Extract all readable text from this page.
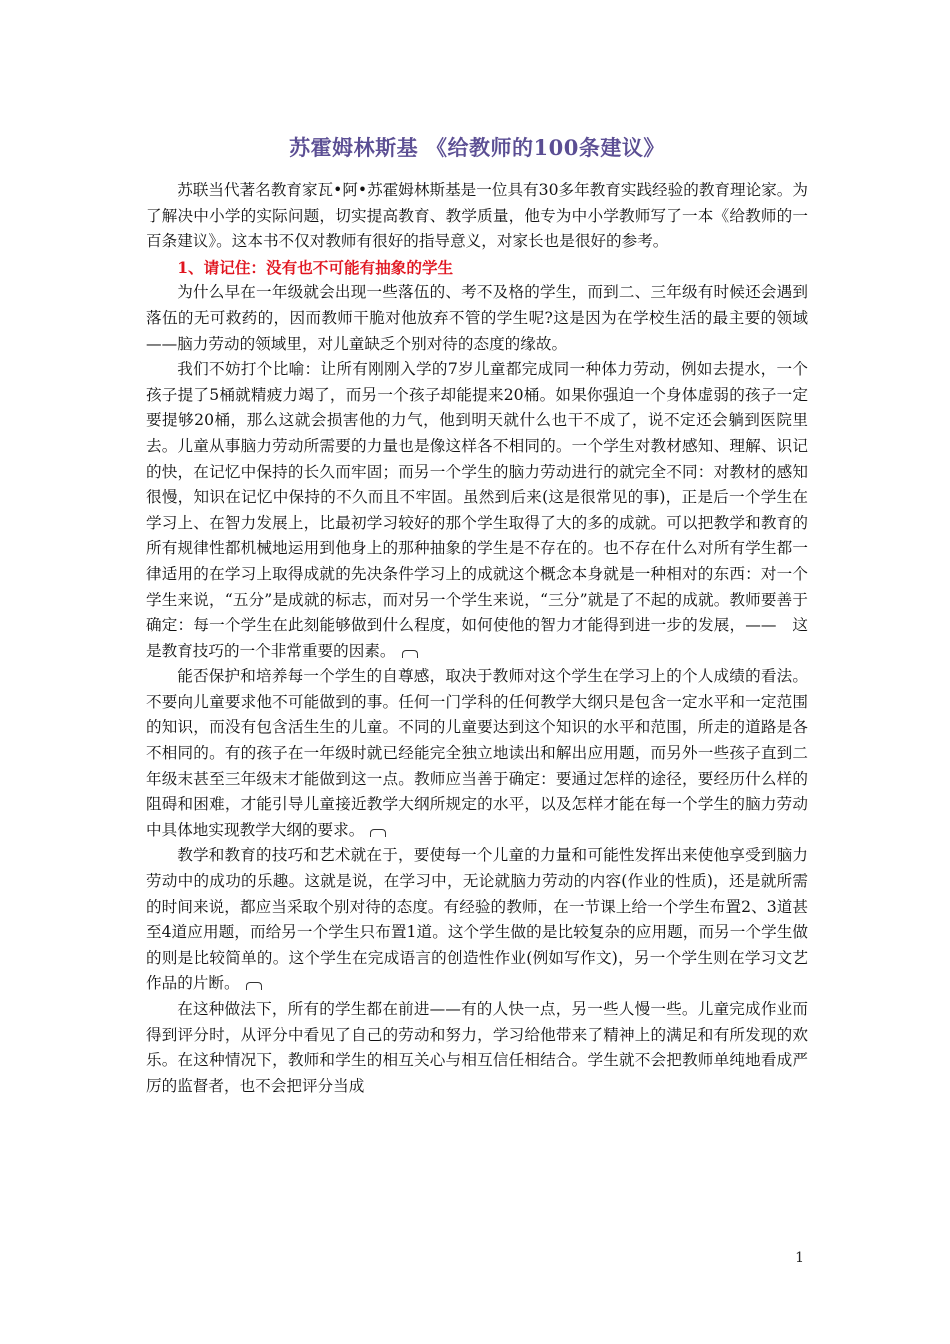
苏霍姆林斯基 《给教师的100条建议》

苏联当代著名教育家瓦•阿•苏霍姆林斯基是一位具有30多年教育实践经验的教育理论家。为了解决中小学的实际问题，切实提高教育、教学质量，他专为中小学教师写了一本《给教师的一百条建议》。这本书不仅对教师有很好的指导意义，对家长也是很好的参考。

1、请记住：没有也不可能有抽象的学生

为什么早在一年级就会出现一些落伍的、考不及格的学生，而到二、三年级有时候还会遇到落伍的无可救药的，因而教师干脆对他放弃不管的学生呢?这是因为在学校生活的最主要的领域——脑力劳动的领域里，对儿童缺乏个别对待的态度的缘故。

我们不妨打个比喻：让所有刚刚入学的7岁儿童都完成同一种体力劳动，例如去提水，一个孩子提了5桶就精疲力竭了，而另一个孩子却能提来20桶。如果你强迫一个身体虚弱的孩子一定要提够20桶，那么这就会损害他的力气，他到明天就什么也干不成了，说不定还会躺到医院里去。儿童从事脑力劳动所需要的力量也是像这样各不相同的。一个学生对教材感知、理解、识记的快，在记忆中保持的长久而牢固；而另一个学生的脑力劳动进行的就完全不同：对教材的感知很慢，知识在记忆中保持的不久而且不牢固。虽然到后来(这是很常见的事)，正是后一个学生在学习上、在智力发展上，比最初学习较好的那个学生取得了大的多的成就。可以把教学和教育的所有规律性都机械地运用到他身上的那种抽象的学生是不存在的。也不存在什么对所有学生都一律适用的在学习上取得成就的先决条件学习上的成就这个概念本身就是一种相对的东西：对一个学生来说，“五分”是成就的标志，而对另一个学生来说，“三分”就是了不起的成就。教师要善于确定：每一个学生在此刻能够做到什么程度，如何使他的智力才能得到进一步的发展，——　这是教育技巧的一个非常重要的因素。

能否保护和培养每一个学生的自尊感，取决于教师对这个学生在学习上的个人成绩的看法。不要向儿童要求他不可能做到的事。任何一门学科的任何教学大纲只是包含一定水平和一定范围的知识，而没有包含活生生的儿童。不同的儿童要达到这个知识的水平和范围，所走的道路是各不相同的。有的孩子在一年级时就已经能完全独立地读出和解出应用题，而另外一些孩子直到二年级末甚至三年级末才能做到这一点。教师应当善于确定：要通过怎样的途径，要经历什么样的阻碍和困难，才能引导儿童接近教学大纲所规定的水平，以及怎样才能在每一个学生的脑力劳动中具体地实现教学大纲的要求。

教学和教育的技巧和艺术就在于，要使每一个儿童的力量和可能性发挥出来使他享受到脑力劳动中的成功的乐趣。这就是说，在学习中，无论就脑力劳动的内容(作业的性质)，还是就所需的时间来说，都应当采取个别对待的态度。有经验的教师，在一节课上给一个学生布置2、3道甚至4道应用题，而给另一个学生只布置1道。这个学生做的是比较复杂的应用题，而另一个学生做的则是比较简单的。这个学生在完成语言的创造性作业(例如写作文)，另一个学生则在学习文艺作品的片断。

在这种做法下，所有的学生都在前进——有的人快一点，另一些人慢一些。儿童完成作业而得到评分时，从评分中看见了自己的劳动和努力，学习给他带来了精神上的满足和有所发现的欢乐。在这种情况下，教师和学生的相互关心与相互信任相结合。学生就不会把教师单纯地看成严厉的监督者，也不会把评分当成

1
